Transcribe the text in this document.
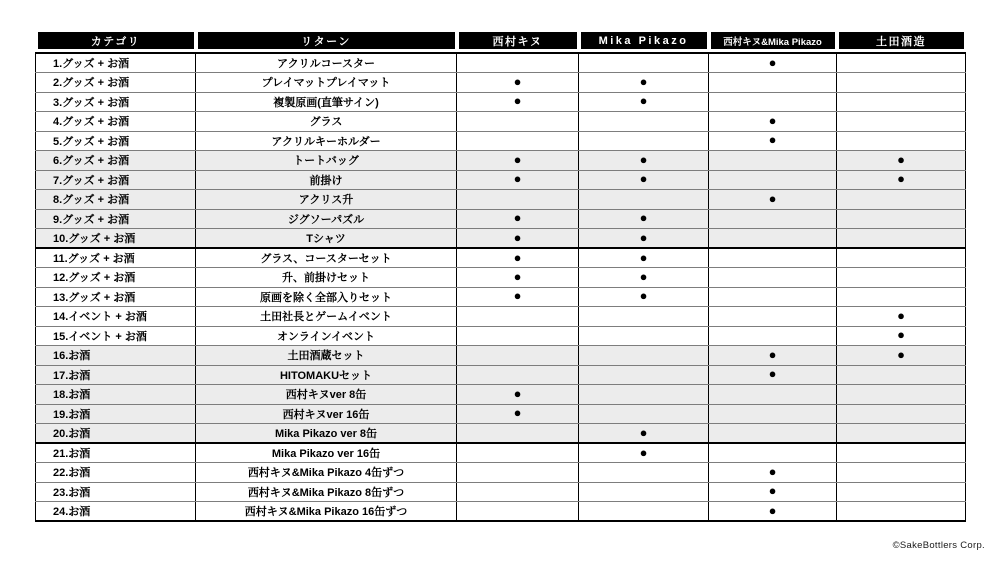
カテゴリ	リターン	西村キヌ	Mika Pikazo	西村キヌ&Mika Pikazo	土田酒造

1.グッズ + お酒	アクリルコースター			●	
2.グッズ + お酒	プレイマットプレイマット	●	●		
3.グッズ + お酒	複製原画(直筆サイン)	●	●		
4.グッズ + お酒	グラス			●	
5.グッズ + お酒	アクリルキーホルダー			●	
6.グッズ + お酒	トートバッグ	●	●		●
7.グッズ + お酒	前掛け	●	●		●
8.グッズ + お酒	アクリス升			●	
9.グッズ + お酒	ジグソーパズル	●	●		
10.グッズ + お酒	Tシャツ	●	●		
11.グッズ + お酒	グラス、コースターセット	●	●		
12.グッズ + お酒	升、前掛けセット	●	●		
13.グッズ + お酒	原画を除く全部入りセット	●	●		
14.イベント + お酒	土田社長とゲームイベント				●
15.イベント + お酒	オンラインイベント				●
16.お酒	土田酒蔵セット			●	●
17.お酒	HITOMAKUセット			●	
18.お酒	西村キヌver 8缶	●			
19.お酒	西村キヌver 16缶	●			
20.お酒	Mika Pikazo ver 8缶		●		
21.お酒	Mika Pikazo ver 16缶		●		
22.お酒	西村キヌ&Mika Pikazo 4缶ずつ			●	
23.お酒	西村キヌ&Mika Pikazo 8缶ずつ			●	
24.お酒	西村キヌ&Mika Pikazo 16缶ずつ			●	
©SakeBottlers Corp.
